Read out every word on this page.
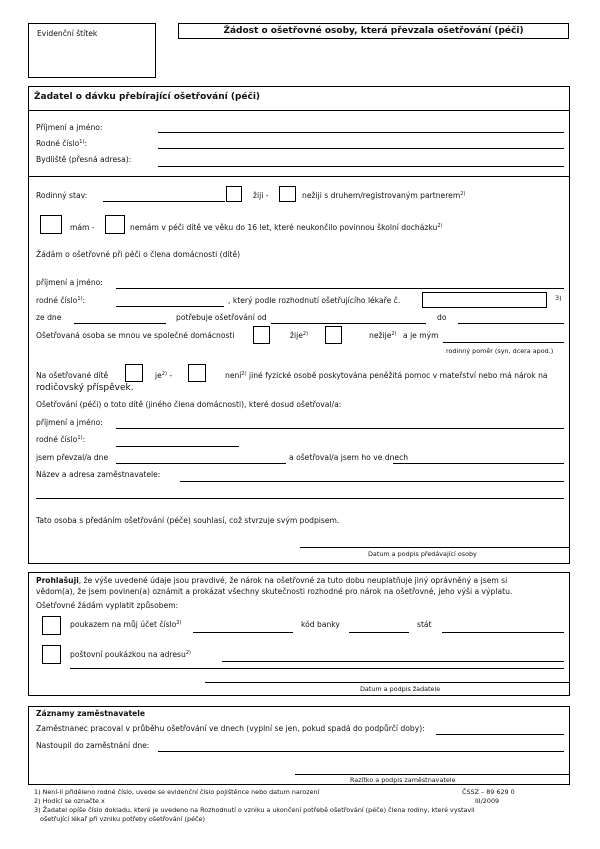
Evidenční štítek	Žádost o ošetřovné osoby, která převzala ošetřování (péči)
Žadatel o dávku přebírající ošetřování (péči)
Příjmení a jméno:
Rodné číslo$^{1)}$:
Bydliště (přesná adresa):
Rodinný stav:	žiji -	nežiji s druhem/registrovaným partnerem$^{2)}$
mám -	nemám v péči dítě ve věku do 16 let, které neukončilo povinnou školní docházku$^{2)}$
Žádám o ošetřovné při péči o člena domácnosti (dítě)
příjmení a jméno:
rodné číslo$^{1)}$:	, který podle rozhodnutí ošetřujícího lékaře č.	3)
ze dne	potřebuje ošetřování od	do
Ošetřovaná osoba se mnou ve společné domácnosti	žije$^{2)}$	nežije$^{2)}$ a je mým
rodinný poměr (syn, dcera apod.)
Na ošetřované dítě	$je^{2)}$ -	není$^{2)}$ jiné fyzické osobě poskytována peněžitá pomoc v mateřství nebo má nárok na
rodičovský příspěvek.
Ošetřování (péči) o toto dítě (jiného člena domácnosti), které dosud ošetřoval/a:
příjmení a jméno:
rodné číslo$^{1)}$:
jsem převzal/a dne	a ošetřoval/a jsem ho ve dnech
Název a adresa zaměstnavatele:
Tato osoba s předáním ošetřování (péče) souhlasí, což stvrzuje svým podpisem.
Datum a podpis předávající osoby
Prohlašuji, že výše uvedené údaje jsou pravdivé, že nárok na ošetřovné za tuto dobu neuplatňuje jiný oprávněný a jsem si
vědom(a), že jsem povinen(a) oznámit a prokázat všechny skutečnosti rozhodné pro nárok na ošetřovné, jeho výši a výplatu.
Ošetřovné žádám vyplatit způsobem:
poukazem na můj účet číslo$^{2)}$	kód banky	stát
poštovní poukázkou na adresu$^{2)}$
Datum a podpis žadatele
Záznamy zaměstnavatele
Zaměstnanec pracoval v průběhu ošetřování ve dnech (vyplní se jen, pokud spadá do podpůrčí doby):
Nastoupil do zaměstnání dne:
Razítko a podpis zaměstnavatele
1) Není-li přiděleno rodné číslo, uvede se evidenční číslo pojištěnce nebo datum narození	ČSSZ – 89 629 0
2) Hodící se označte x	III/2009
3) Žadatel opíše číslo dokladu, které je uvedeno na Rozhodnutí o vzniku a ukončení potřebě ošetřování (péče) člena rodiny, které vystavil
ošetřující lékař při vzniku potřeby ošetřování (péče)
